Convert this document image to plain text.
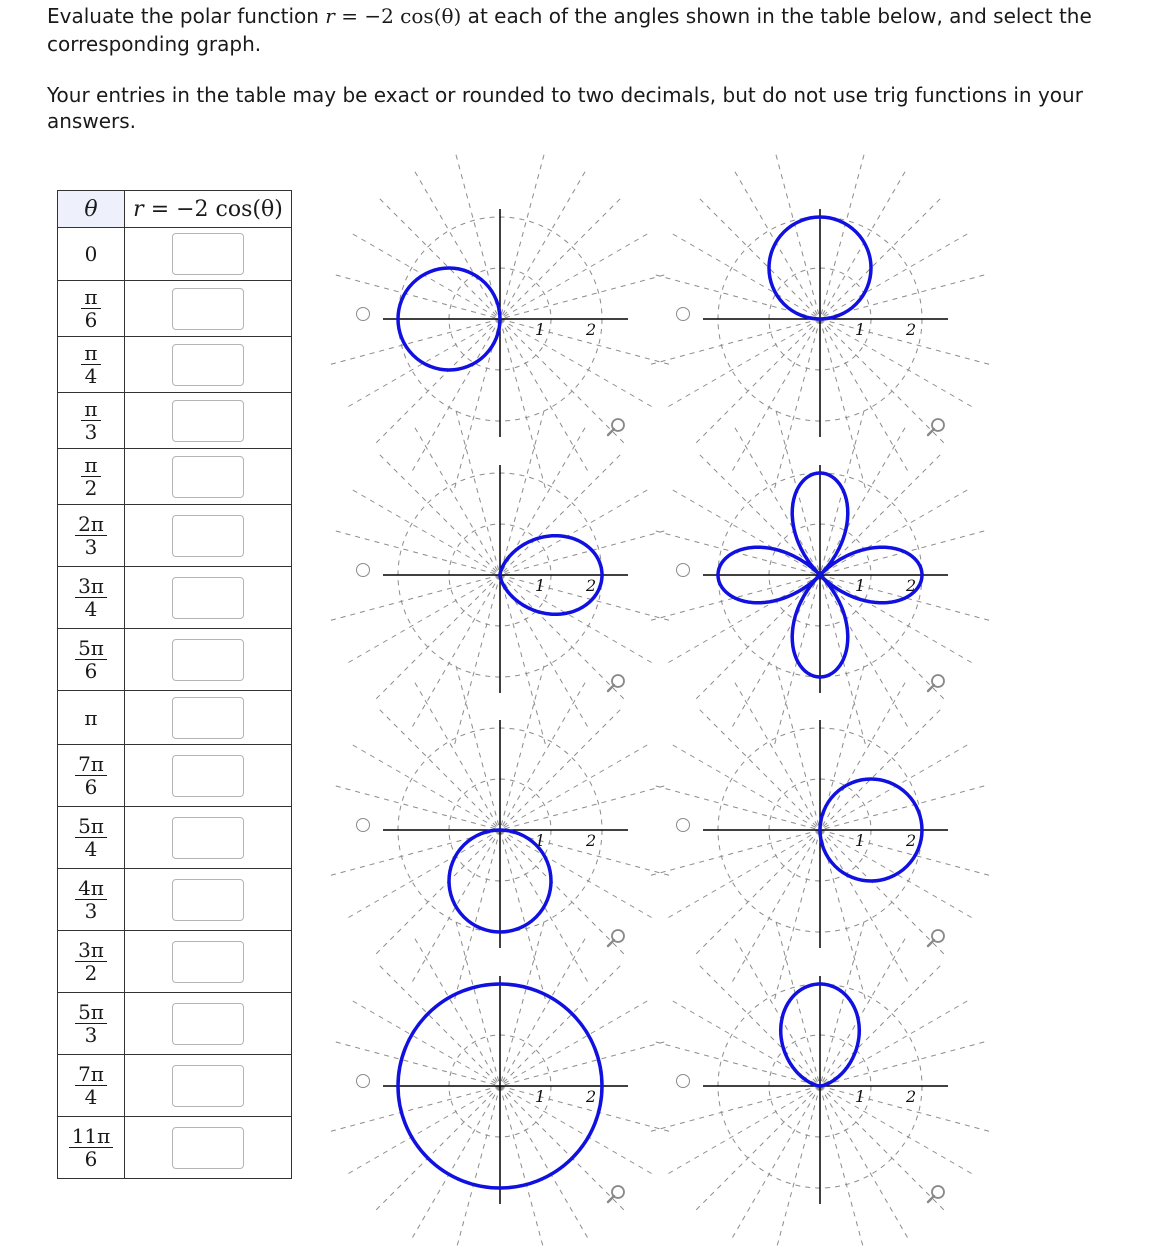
Evaluate the polar function r = −2 cos(θ) at each of the angles shown in the table below, and select the corresponding graph.

Your entries in the table may be exact or rounded to two decimals, but do not use trig functions in your answers.

θ	r = −2 cos(θ)
0	

$\frac{\pi}{6}$

$\frac{\pi}{4}$

$\frac{\pi}{3}$

$\frac{\pi}{2}$

$\frac{2\pi}{3}$

$\frac{3\pi}{4}$

$\frac{5\pi}{6}$

π	

$\frac{7\pi}{6}$

$\frac{5\pi}{4}$

$\frac{4\pi}{3}$

$\frac{3\pi}{2}$

$\frac{5\pi}{3}$

$\frac{7\pi}{4}$

$\frac{11\pi}{6}$

1	2	1	2
1	2	1	2
1	2	1	2
1	2	1	2
